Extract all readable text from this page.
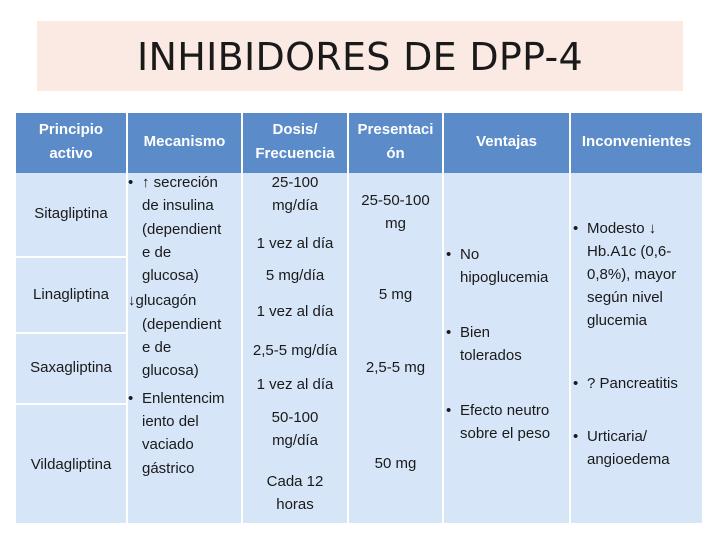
INHIBIDORES DE DPP-4
Principio
activo
Mecanismo
Dosis/
Frecuencia
Presentaci
ón
Ventajas	Inconvenientes
Sitagliptina
Linagliptina
Saxagliptina
Vildagliptina
• ↑ secreción
de insulina
(dependient
e de
glucosa)
↓glucagón
(dependient
e de
glucosa)
• Enlentencim
iento del
vaciado
gástrico
25-100
mg/día
1 vez al día
5 mg/día
1 vez al día
2,5-5 mg/día
1 vez al día
50-100
mg/día
Cada 12
horas
25-50-100
mg
5 mg
2,5-5 mg
50 mg
• No
hipoglucemia
• Bien
tolerados
• Efecto neutro
sobre el peso
• Modesto ↓
Hb.A1c (0,6-
0,8%), mayor
según nivel
glucemia
• ? Pancreatitis
• Urticaria/
angioedema
